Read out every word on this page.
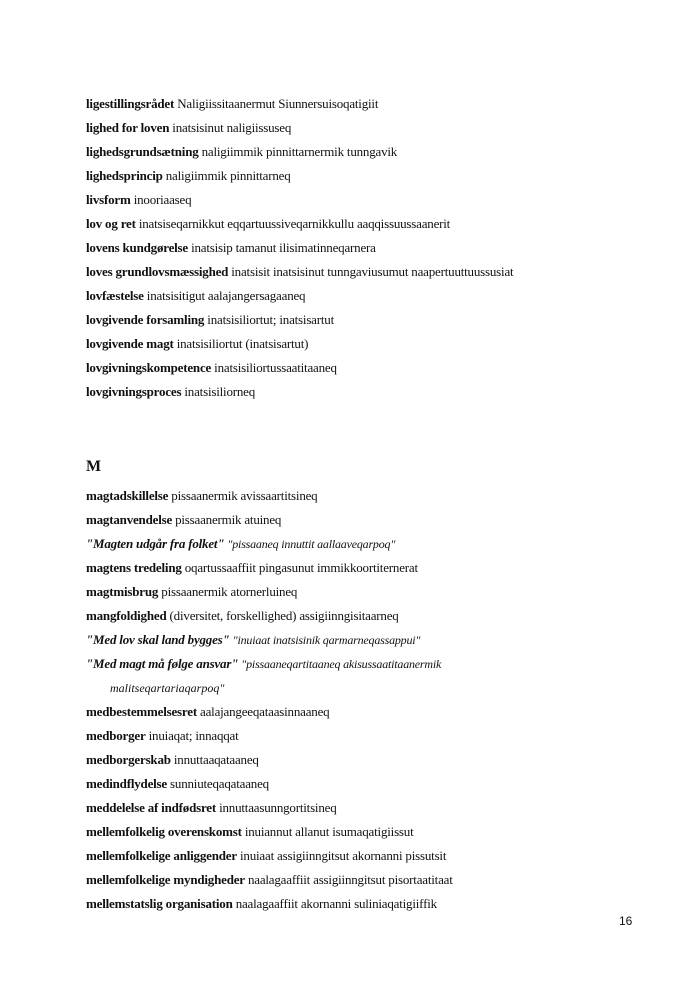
ligestillingsrådet Naligiissitaanermut Siunnersuisoqatigiit
lighed for loven inatsisinut naligiissuseq
lighedsgrundsætning naligiimmik pinnittarnermik tunngavik
lighedsprincip naligiimmik pinnittarneq
livsform inooriaaseq
lov og ret inatsiseqarnikkut eqqartuussiveqarnikkullu aaqqissuussaanerit
lovens kundgørelse inatsisip tamanut ilisimatinneqarnera
loves grundlovsmæssighed inatsisit inatsisinut tunngaviusumut naapertuuttuussusiat
lovfæstelse inatsisitigut aalajangersagaaneq
lovgivende forsamling inatsisiliortut; inatsisartut
lovgivende magt inatsisiliortut (inatsisartut)
lovgivningskompetence inatsisiliortussaatitaaneq
lovgivningsproces inatsisiliorneq
M
magtadskillelse pissaanermik avissaartitsineq
magtanvendelse pissaanermik atuineq
"Magten udgår fra folket" "pissaaneq innuttit aallaaveqarpoq"
magtens tredeling oqartussaaffiit pingasunut immikkoortiternerat
magtmisbrug pissaanermik atornerluineq
mangfoldighed (diversitet, forskellighed) assigiinngisitaarneq
"Med lov skal land bygges" "inuiaat inatsisinik qarmarneqassappui"
"Med magt må følge ansvar" "pissaaneqartitaaneq akisussaatitaanermik
malitseqartariaqarpoq"
medbestemmelsesret aalajangeeqataasinnaaneq
medborger inuiaqat; innaqqat
medborgerskab innuttaaqataaneq
medindflydelse sunniuteqaqataaneq
meddelelse af indfødsret innuttaasunngortitsineq
mellemfolkelig overenskomst inuiannut allanut isumaqatigiissut
mellemfolkelige anliggender inuiaat assigiinngitsut akornanni pissutsit
mellemfolkelige myndigheder naalagaaffiit assigiinngitsut pisortaatitaat
mellemstatslig organisation naalagaaffiit akornanni suliniaqatigiiffik
16
